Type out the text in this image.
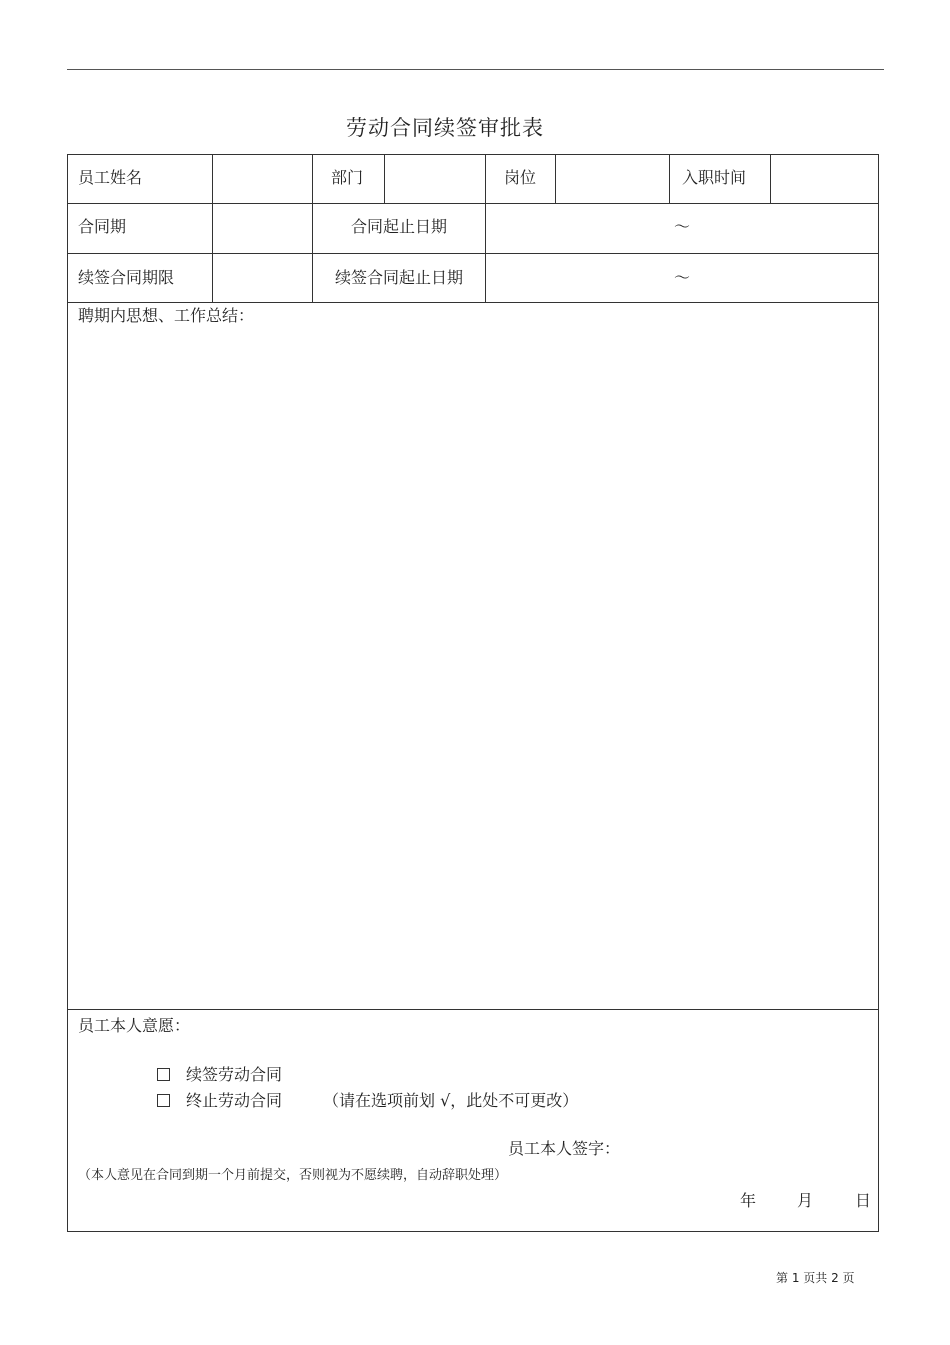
劳动合同续签审批表
员工姓名	部门	岗位	入职时间
合同期	合同起止日期	～
续签合同期限	续签合同起止日期	～
聘期内思想、工作总结：
员工本人意愿：
续签劳动合同
终止劳动合同	（请在选项前划 √，此处不可更改）
员工本人签字：
（本人意见在合同到期一个月前提交，否则视为不愿续聘，自动辞职处理）
年	月	日
第 1 页共 2 页
